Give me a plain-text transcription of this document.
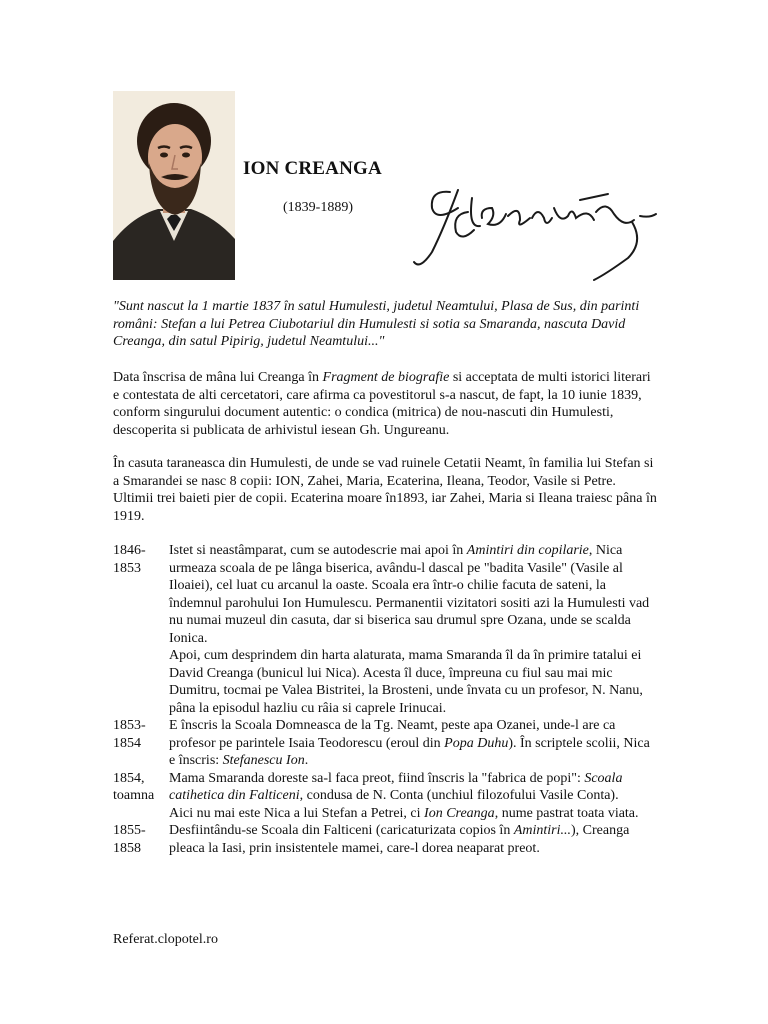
ION CREANGA
(1839-1889)
"Sunt nascut la 1 martie 1837 în satul Humulesti, judetul Neamtului, Plasa de Sus, din parinti români: Stefan a lui Petrea Ciubotariul din Humulesti si sotia sa Smaranda, nascuta David Creanga, din satul Pipirig, judetul Neamtului..."
Data înscrisa de mâna lui Creanga în Fragment de biografie si acceptata de multi istorici literari e contestata de alti cercetatori, care afirma ca povestitorul s-a nascut, de fapt, la 10 iunie 1839, conform singurului document autentic: o condica (mitrica) de nou-nascuti din Humulesti, descoperita si publicata de arhivistul iesean Gh. Ungureanu.
În casuta taraneasca din Humulesti, de unde se vad ruinele Cetatii Neamt, în familia lui Stefan si a Smarandei se nasc 8 copii: ION, Zahei, Maria, Ecaterina, Ileana, Teodor, Vasile si Petre. Ultimii trei baieti pier de copii. Ecaterina moare în1893, iar Zahei, Maria si Ileana traiesc pâna în 1919.
1846-1853
Istet si neastâmparat, cum se autodescrie mai apoi în Amintiri din copilarie, Nica urmeaza scoala de pe lânga biserica, avându-l dascal pe "badita Vasile" (Vasile al Iloaiei), cel luat cu arcanul la oaste. Scoala era într-o chilie facuta de sateni, la îndemnul parohului Ion Humulescu. Permanentii vizitatori sositi azi la Humulesti vad nu numai muzeul din casuta, dar si biserica sau drumul spre Ozana, unde se scalda Ionica.
Apoi, cum desprindem din harta alaturata, mama Smaranda îl da în primire tatalui ei David Creanga (bunicul lui Nica). Acesta îl duce, împreuna cu fiul sau mai mic Dumitru, tocmai pe Valea Bistritei, la Brosteni, unde învata cu un profesor, N. Nanu, pâna la episodul hazliu cu râia si caprele Irinucai.
1853-1854
E înscris la Scoala Domneasca de la Tg. Neamt, peste apa Ozanei, unde-l are ca profesor pe parintele Isaia Teodorescu (eroul din Popa Duhu). În scriptele scolii, Nica e înscris: Stefanescu Ion.
1854, toamna
Mama Smaranda doreste sa-l faca preot, fiind înscris la "fabrica de popi": Scoala catihetica din Falticeni, condusa de N. Conta (unchiul filozofului Vasile Conta).
Aici nu mai este Nica a lui Stefan a Petrei, ci Ion Creanga, nume pastrat toata viata.
1855-1858
Desfiintându-se Scoala din Falticeni (caricaturizata copios în Amintiri...), Creanga pleaca la Iasi, prin insistentele mamei, care-l dorea neaparat preot.
Referat.clopotel.ro
